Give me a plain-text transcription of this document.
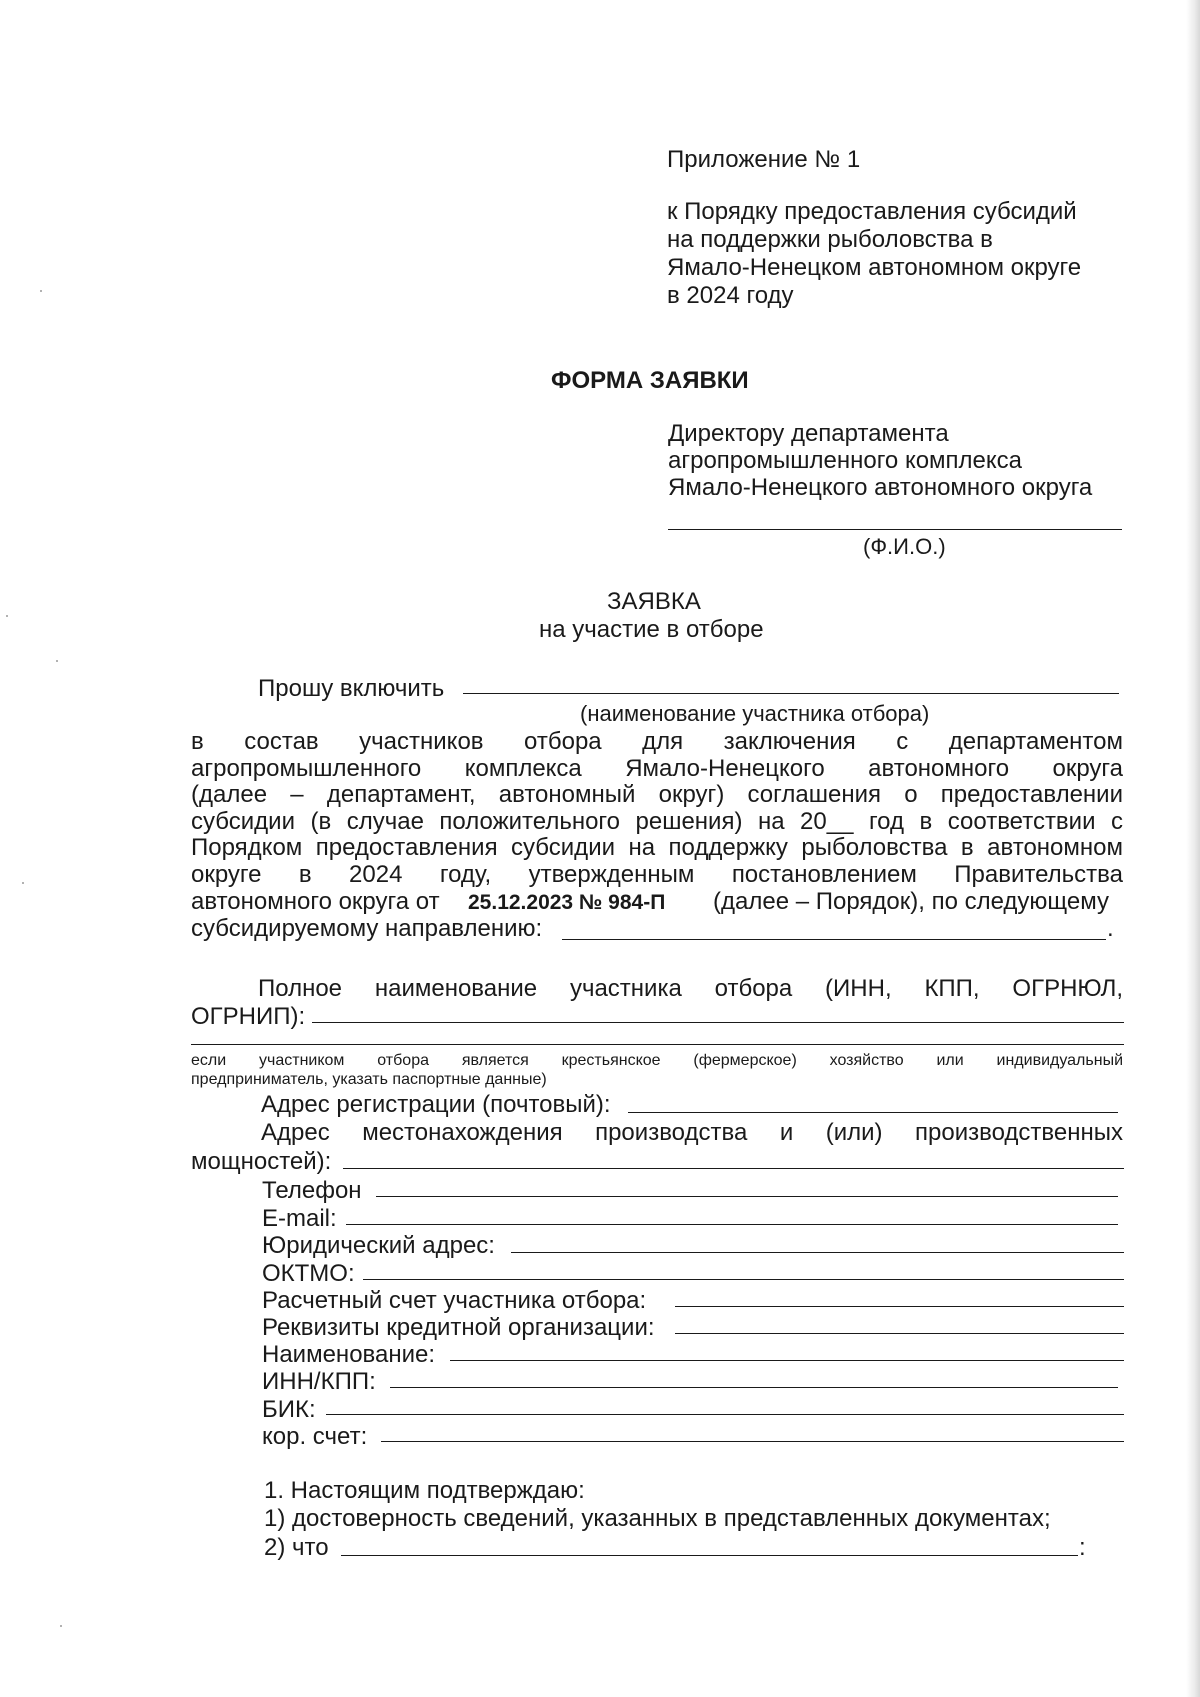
Приложение № 1
к Порядку предоставления субсидий
на поддержки рыболовства в
Ямало-Ненецком автономном округе
в 2024 году
ФОРМА ЗАЯВКИ
Директору департамента
агропромышленного комплекса
Ямало-Ненецкого автономного округа
(Ф.И.О.)
ЗАЯВКА
на участие в отборе
Прошу включить
(наименование участника отбора)
в состав участников отбора для заключения с департаментом
агропромышленного комплекса Ямало-Ненецкого автономного округа
(далее – департамент, автономный округ) соглашения о предоставлении
субсидии (в случае положительного решения) на 20__ год в соответствии с
Порядком предоставления субсидии на поддержку рыболовства в автономном
округе в 2024 году, утвержденным постановлением Правительства
автономного округа от 25.12.2023 № 984-П (далее – Порядок), по следующему
субсидируемому направлению:	.
Полное наименование участника отбора (ИНН, КПП, ОГРНЮЛ,
ОГРНИП):
если участником отбора является крестьянское (фермерское) хозяйство или индивидуальный
предприниматель, указать паспортные данные)
Адрес регистрации (почтовый):
Адрес местонахождения производства и (или) производственных
мощностей):
Телефон
E-mail:
Юридический адрес:
ОКТМО:
Расчетный счет участника отбора:
Реквизиты кредитной организации:
Наименование:
ИНН/КПП:
БИК:
кор. счет:
1. Настоящим подтверждаю:
1) достоверность сведений, указанных в представленных документах;
2) что	:
